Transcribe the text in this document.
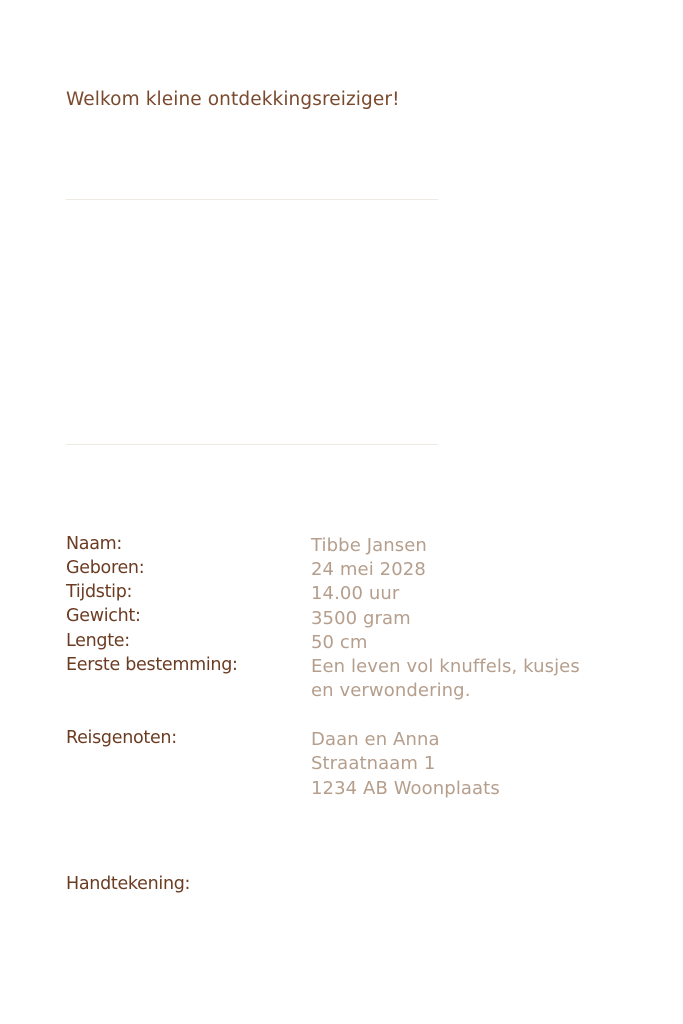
Welkom kleine ontdekkingsreiziger!
Naam:
Geboren:
Tijdstip:
Gewicht:
Lengte:
Eerste bestemming:
Reisgenoten:
Handtekening:
Tibbe Jansen
24 mei 2028
14.00 uur
3500 gram
50 cm
Een leven vol knuffels, kusjes
en verwondering.
Daan en Anna
Straatnaam 1
1234 AB Woonplaats
